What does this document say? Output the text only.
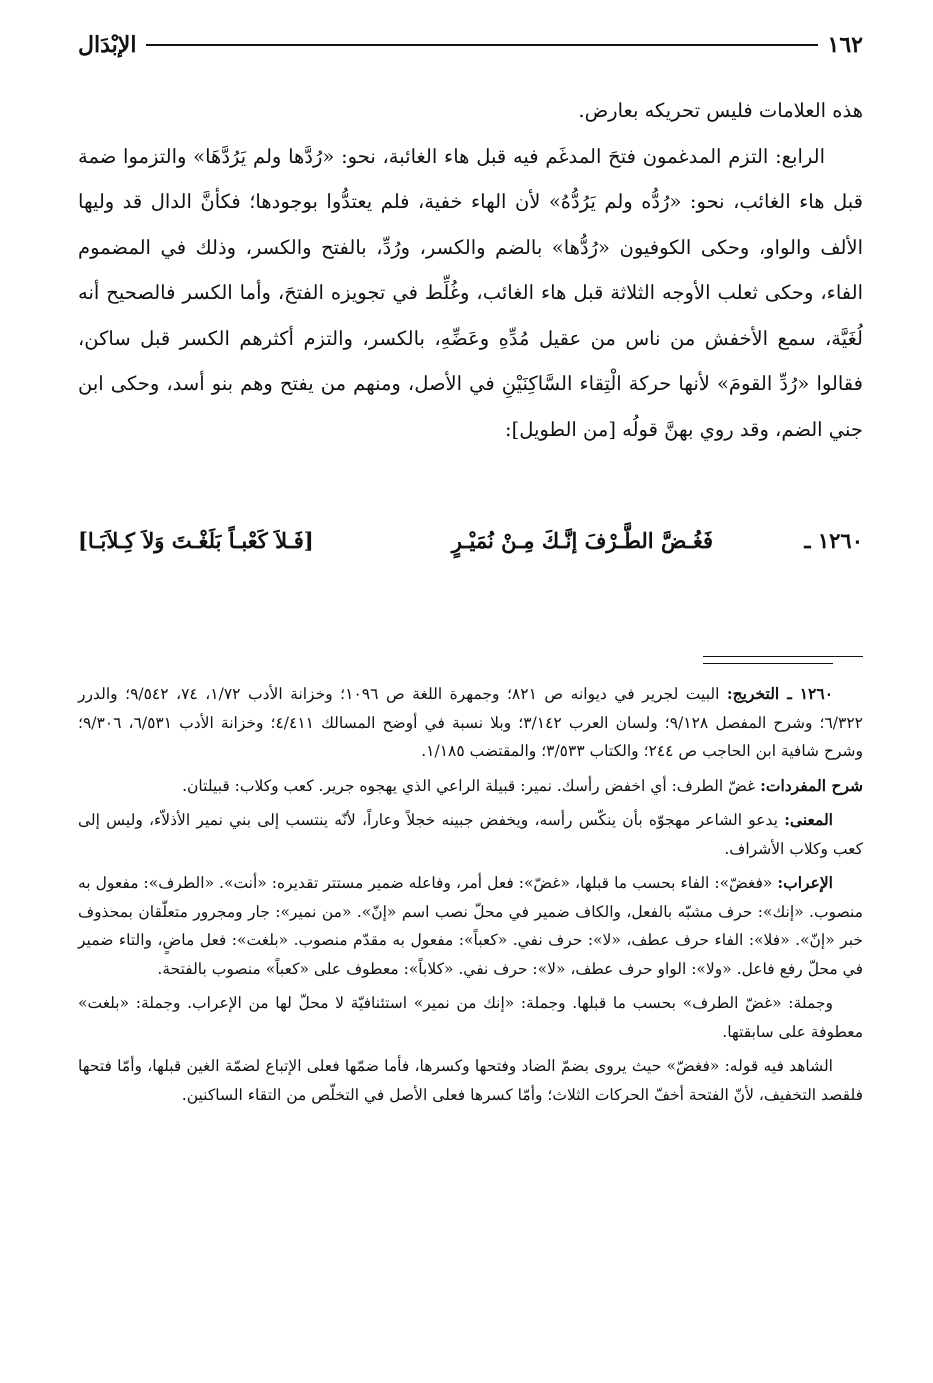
١٦٢
الإبْدَال

هذه العلامات فليس تحريكه بعارض.

الرابع: التزم المدغمون فتحَ المدغَم فيه قبل هاء الغائبة، نحو: «رُدَّها ولم يَرُدَّهَا» والتزموا ضمة قبل هاء الغائب، نحو: «رُدُّه ولم يَرُدُّهُ» لأن الهاء خفية، فلم يعتدُّوا بوجودها؛ فكأنَّ الدال قد وليها الألف والواو، وحكى الكوفيون «رُدُّها» بالضم والكسر، ورُدِّ، بالفتح والكسر، وذلك في المضموم الفاء، وحكى ثعلب الأوجه الثلاثة قبل هاء الغائب، وغُلِّط في تجويزه الفتحَ، وأما الكسر فالصحيح أنه لُغَيَّة، سمع الأخفش من ناس من عقيل مُدِّهِ وعَضِّهِ، بالكسر، والتزم أكثرهم الكسر قبل ساكن، فقالوا «رُدِّ القومَ» لأنها حركة الْتِقاء السَّاكِنَيْنِ في الأصل، ومنهم من يفتح وهم بنو أسد، وحكى ابن جني الضم، وقد روي بهنَّ قولُه [من الطويل]:

١٢٦٠ ـ
فَغُـضَّ الطَّـرْفَ إنَّـكَ مِـنْ نُمَيْـرٍ
[فَـلاَ كَعْبـاً بَلَغْـتَ وَلاَ كِـلاَبَـا]

١٢٦٠ ـ التخريج: البيت لجرير في ديوانه ص ٨٢١؛ وجمهرة اللغة ص ١٠٩٦؛ وخزانة الأدب ١/٧٢، ٧٤، ٩/٥٤٢؛ والدرر ٦/٣٢٢؛ وشرح المفصل ٩/١٢٨؛ ولسان العرب ٣/١٤٢؛ وبلا نسبة في أوضح المسالك ٤/٤١١؛ وخزانة الأدب ٦/٥٣١، ٩/٣٠٦؛ وشرح شافية ابن الحاجب ص ٢٤٤؛ والكتاب ٣/٥٣٣؛ والمقتضب ١/١٨٥.

شرح المفردات: غضّ الطرف: أي اخفض رأسك. نمير: قبيلة الراعي الذي يهجوه جرير. كعب وكلاب: قبيلتان.

المعنى: يدعو الشاعر مهجوّه بأن ينكّس رأسه، ويخفض جبينه خجلاً وعاراً، لأنّه ينتسب إلى بني نمير الأذلاّء، وليس إلى كعب وكلاب الأشراف.

الإعراب: «فغضّ»: الفاء بحسب ما قبلها، «غضّ»: فعل أمر، وفاعله ضمير مستتر تقديره: «أنت». «الطرف»: مفعول به منصوب. «إنك»: حرف مشبّه بالفعل، والكاف ضمير في محلّ نصب اسم «إنّ». «من نمير»: جار ومجرور متعلّقان بمحذوف خبر «إنّ». «فلا»: الفاء حرف عطف، «لا»: حرف نفي. «كعباً»: مفعول به مقدّم منصوب. «بلغت»: فعل ماضٍ، والتاء ضمير في محلّ رفع فاعل. «ولا»: الواو حرف عطف، «لا»: حرف نفي. «كلاباً»: معطوف على «كعباً» منصوب بالفتحة.

وجملة: «غضّ الطرف» بحسب ما قبلها. وجملة: «إنك من نمير» استئنافيّة لا محلّ لها من الإعراب. وجملة: «بلغت» معطوفة على سابقتها.

الشاهد فيه قوله: «فغضّ» حيث يروى بضمّ الضاد وفتحها وكسرها، فأما ضمّها فعلى الإتباع لضمّة الغين قبلها، وأمّا فتحها فلقصد التخفيف، لأنّ الفتحة أخفّ الحركات الثلاث؛ وأمّا كسرها فعلى الأصل في التخلّص من التقاء الساكنين.
